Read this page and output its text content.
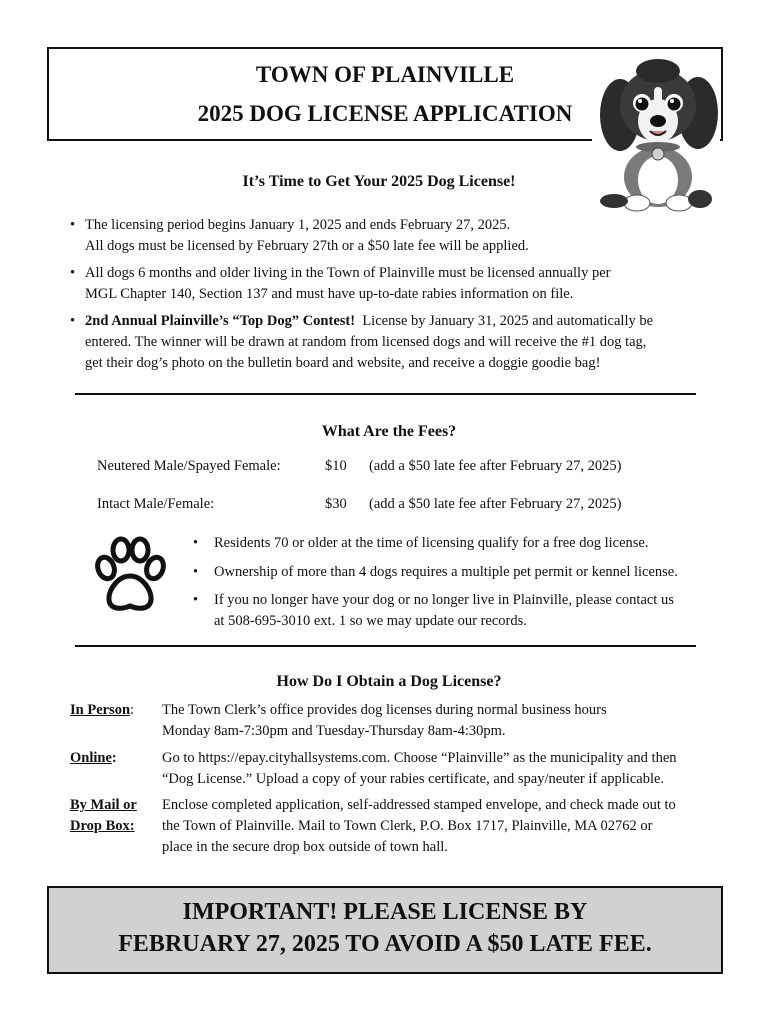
TOWN OF PLAINVILLE
2025 DOG LICENSE APPLICATION
It’s Time to Get Your 2025 Dog License!
• The licensing period begins January 1, 2025 and ends February 27, 2025.
All dogs must be licensed by February 27th or a $50 late fee will be applied.
• All dogs 6 months and older living in the Town of Plainville must be licensed annually per
MGL Chapter 140, Section 137 and must have up-to-date rabies information on file.
• 2nd Annual Plainville’s “Top Dog” Contest! License by January 31, 2025 and automatically be
entered. The winner will be drawn at random from licensed dogs and will receive the #1 dog tag,
get their dog’s photo on the bulletin board and website, and receive a doggie goodie bag!
What Are the Fees?
Neutered Male/Spayed Female:	$10 (add a $50 late fee after February 27, 2025)
Intact Male/Female:	$30 (add a $50 late fee after February 27, 2025)
•	Residents 70 or older at the time of licensing qualify for a free dog license.
•	Ownership of more than 4 dogs requires a multiple pet permit or kennel license.
•	If you no longer have your dog or no longer live in Plainville, please contact us
at 508-695-3010 ext. 1 so we may update our records.
How Do I Obtain a Dog License?
In Person: The Town Clerk’s office provides dog licenses during normal business hours
Monday 8am-7:30pm and Tuesday-Thursday 8am-4:30pm.
Online:	Go to https://epay.cityhallsystems.com. Choose “Plainville” as the municipality and then
“Dog License.” Upload a copy of your rabies certificate, and spay/neuter if applicable.
By Mail or
Drop Box:
Enclose completed application, self-addressed stamped envelope, and check made out to
the Town of Plainville. Mail to Town Clerk, P.O. Box 1717, Plainville, MA 02762 or
place in the secure drop box outside of town hall.
IMPORTANT! PLEASE LICENSE BY
FEBRUARY 27, 2025 TO AVOID A $50 LATE FEE.
